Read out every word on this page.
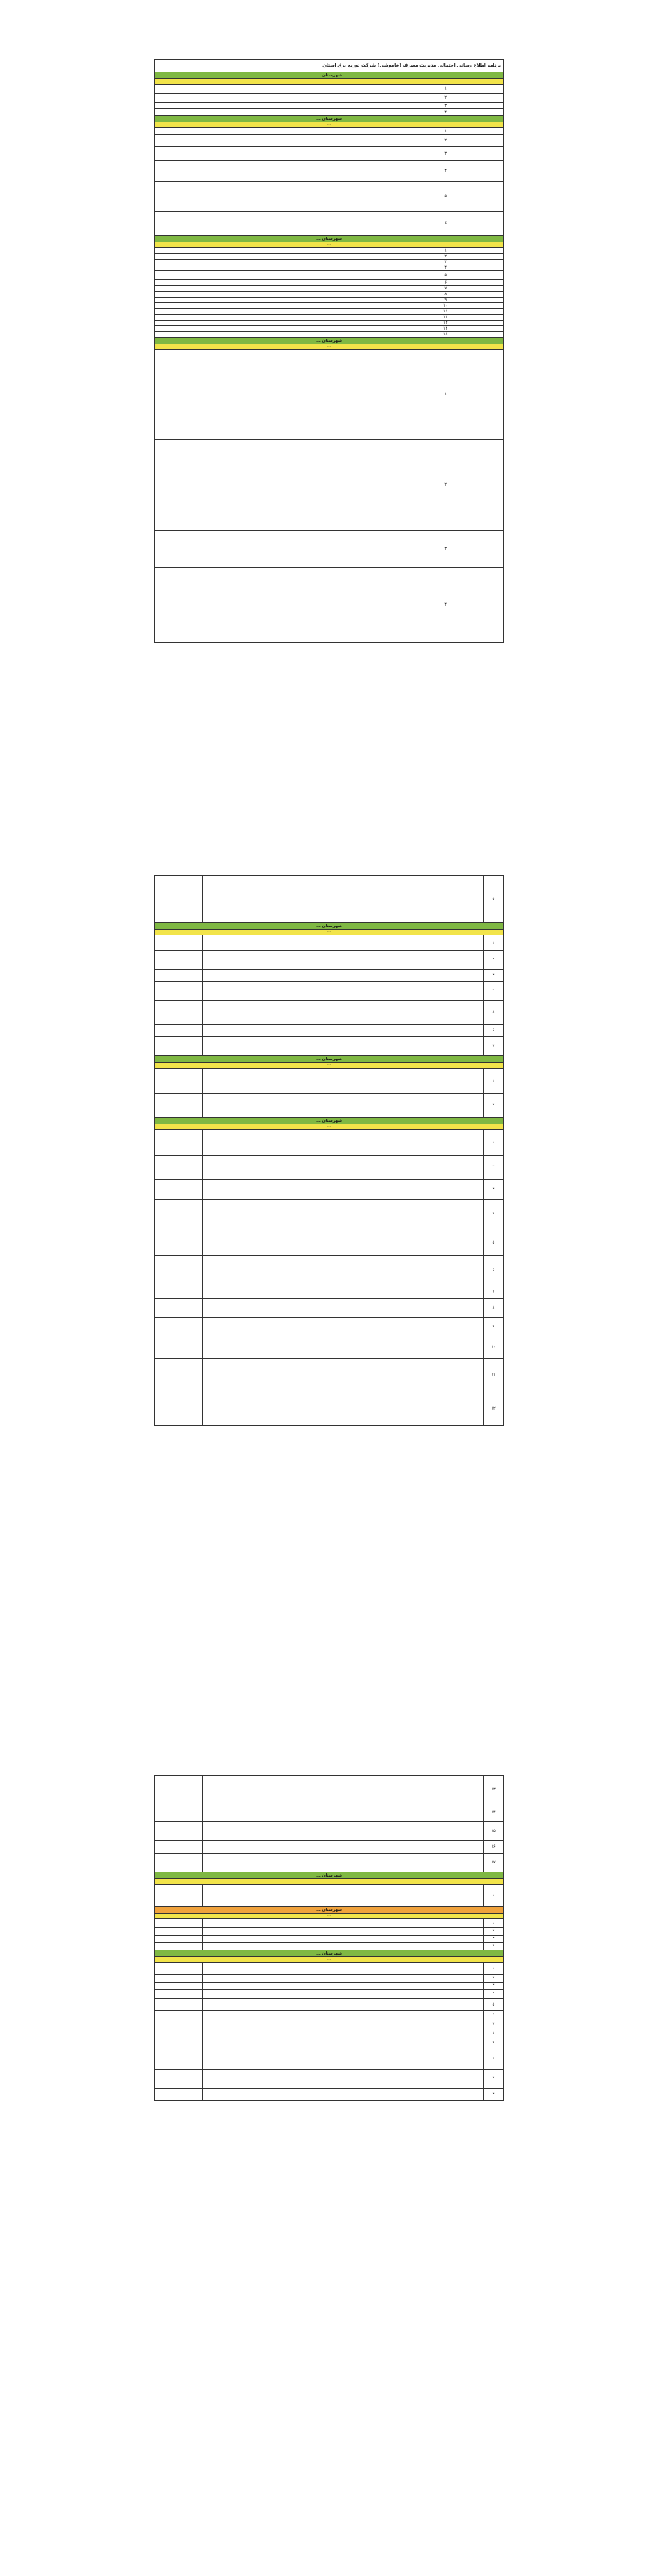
برنامه اطلاع رسانی احتمالی مدیریت مصرف (خاموشی) شرکت توزیع برق استان		
شهرستان ...		
...		
۱		
۲		
۳		
۴		
شهرستان ...		
...		
۱		
۲		
۳		
۴		
۵		
۶		
شهرستان ...		
...		
۱		
۲		
۳		
۴		
۵		
۶		
۷		
۸		
۹		
۱۰		
۱۱		
۱۲		
۱۳		
۱۴		
۱۵		
شهرستان ...		
...		
۱		
۲		
۳		
۴		
۵		
شهرستان ...		
...		
۱		
۲		
۳		
۴		
۵		
۶		
۷		
شهرستان ...		
...		
۱		
۲		
شهرستان ...		
...		
۱		
۲		
۳		
۴		
۵		
۶		
۷		
۸		
۹		
۱۰		
۱۱		
۱۲		
۱۳		
۱۴		
۱۵		
۱۶		
۱۷		
شهرستان ...		
...		
۱		
شهرستان ...		
...		
۱		
۲		
۳		
۴		
شهرستان ...		
...		
۱		
۲		
۳		
۴		
۵		
۶		
۷		
۸		
۹		
۱		
۲		
۳		
